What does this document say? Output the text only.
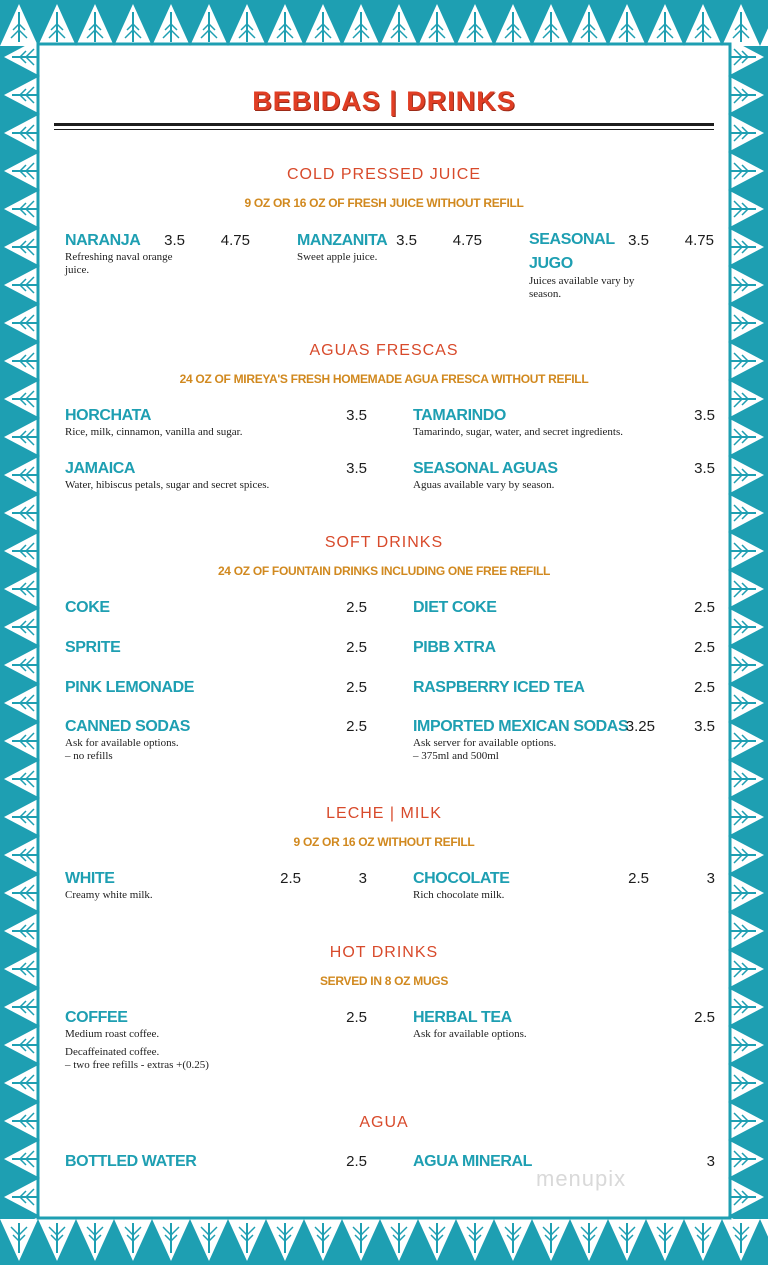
BEBIDAS | DRINKS
COLD PRESSED JUICE
9 OZ OR 16 OZ OF FRESH JUICE WITHOUT REFILL
NARANJA	3.5	4.75
Refreshing naval orange juice.
MANZANITA 3.5	4.75
Sweet apple juice.
SEASONAL JUGO
3.5	4.75
Juices available vary by season.
AGUAS FRESCAS
24 OZ OF MIREYA'S FRESH HOMEMADE AGUA FRESCA WITHOUT REFILL
HORCHATA	3.5
Rice, milk, cinnamon, vanilla and sugar.
TAMARINDO	3.5
Tamarindo, sugar, water, and secret ingredients.
JAMAICA	3.5
Water, hibiscus petals, sugar and secret spices.
SEASONAL AGUAS	3.5
Aguas available vary by season.
SOFT DRINKS
24 OZ OF FOUNTAIN DRINKS INCLUDING ONE FREE REFILL
COKE	2.5	DIET COKE	2.5
SPRITE	2.5	PIBB XTRA	2.5
PINK LEMONADE	2.5	RASPBERRY ICED TEA	2.5
CANNED SODAS	2.5
Ask for available options.
– no refills
IMPORTED MEXICAN SODAS
3.25	3.5
Ask server for available options.
– 375ml and 500ml
LECHE | MILK
9 OZ OR 16 OZ WITHOUT REFILL
WHITE	2.5	3
Creamy white milk.
CHOCOLATE	2.5	3
Rich chocolate milk.
HOT DRINKS
SERVED IN 8 OZ MUGS
COFFEE	2.5
Medium roast coffee.
Decaffeinated coffee.
– two free refills - extras +(0.25)
HERBAL TEA	2.5
Ask for available options.
AGUA
BOTTLED WATER	2.5	AGUA MINERAL	3
menupix
